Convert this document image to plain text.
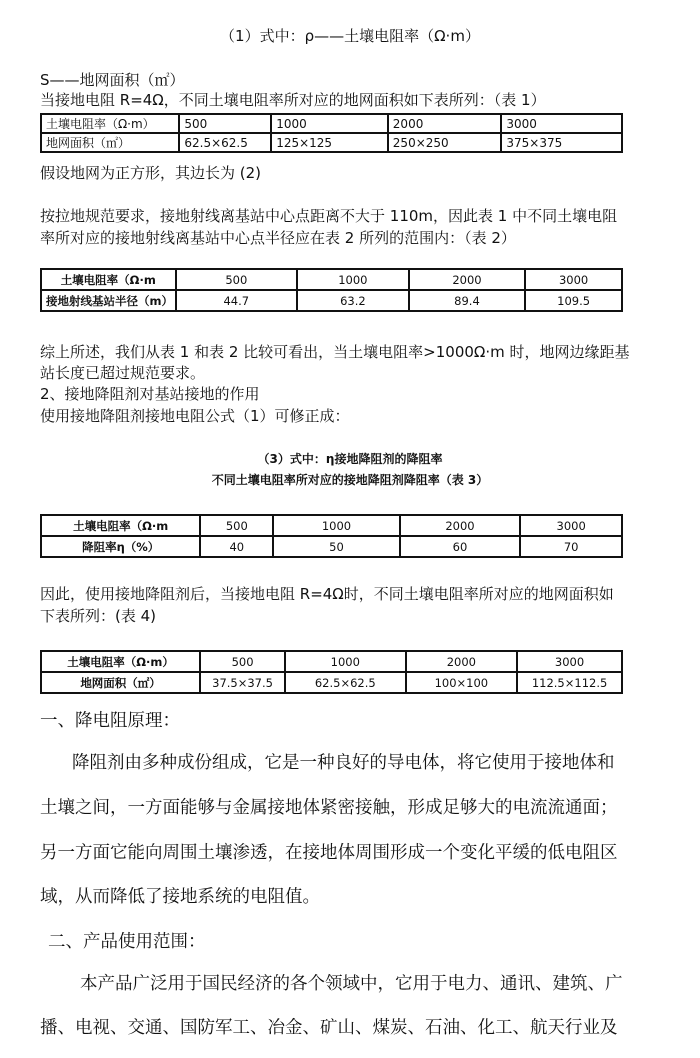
（1）式中：ρ——土壤电阻率（Ω·m）
S——地网面积（㎡）
当接地电阻 R=4Ω，不同土壤电阻率所对应的地网面积如下表所列：（表 1）
土壤电阻率（Ω·m）	500	1000	2000	3000
地网面积（㎡）	62.5×62.5	125×125	250×250	375×375
假设地网为正方形，其边长为 (2)
按拉地规范要求，接地射线离基站中心点距离不大于 110m，因此表 1 中不同土壤电阻
率所对应的接地射线离基站中心点半径应在表 2 所列的范围内：（表 2）
土壤电阻率（Ω·m	500	1000	2000	3000
接地射线基站半径（m）	44.7	63.2	89.4	109.5
综上所述，我们从表 1 和表 2 比较可看出，当土壤电阻率>1000Ω·m 时，地网边缘距基
站长度已超过规范要求。
2、接地降阻剂对基站接地的作用
使用接地降阻剂接地电阻公式（1）可修正成：
（3）式中：η接地降阻剂的降阻率
不同土壤电阻率所对应的接地降阻剂降阻率（表 3）
土壤电阻率（Ω·m	500	1000	2000	3000
降阻率η（%）	40	50	60	70
因此，使用接地降阻剂后，当接地电阻 R=4Ω时，不同土壤电阻率所对应的地网面积如
下表所列：(表 4)
土壤电阻率（Ω·m）	500	1000	2000	3000
地网面积（㎡）	37.5×37.5	62.5×62.5	100×100	112.5×112.5
一、降电阻原理：
降阻剂由多种成份组成，它是一种良好的导电体，将它使用于接地体和
土壤之间，一方面能够与金属接地体紧密接触，形成足够大的电流流通面；
另一方面它能向周围土壤渗透，在接地体周围形成一个变化平缓的低电阻区
域，从而降低了接地系统的电阻值。
二、产品使用范围：
本产品广泛用于国民经济的各个领域中，它用于电力、通讯、建筑、广
播、电视、交通、国防军工、冶金、矿山、煤炭、石油、化工、航天行业及
